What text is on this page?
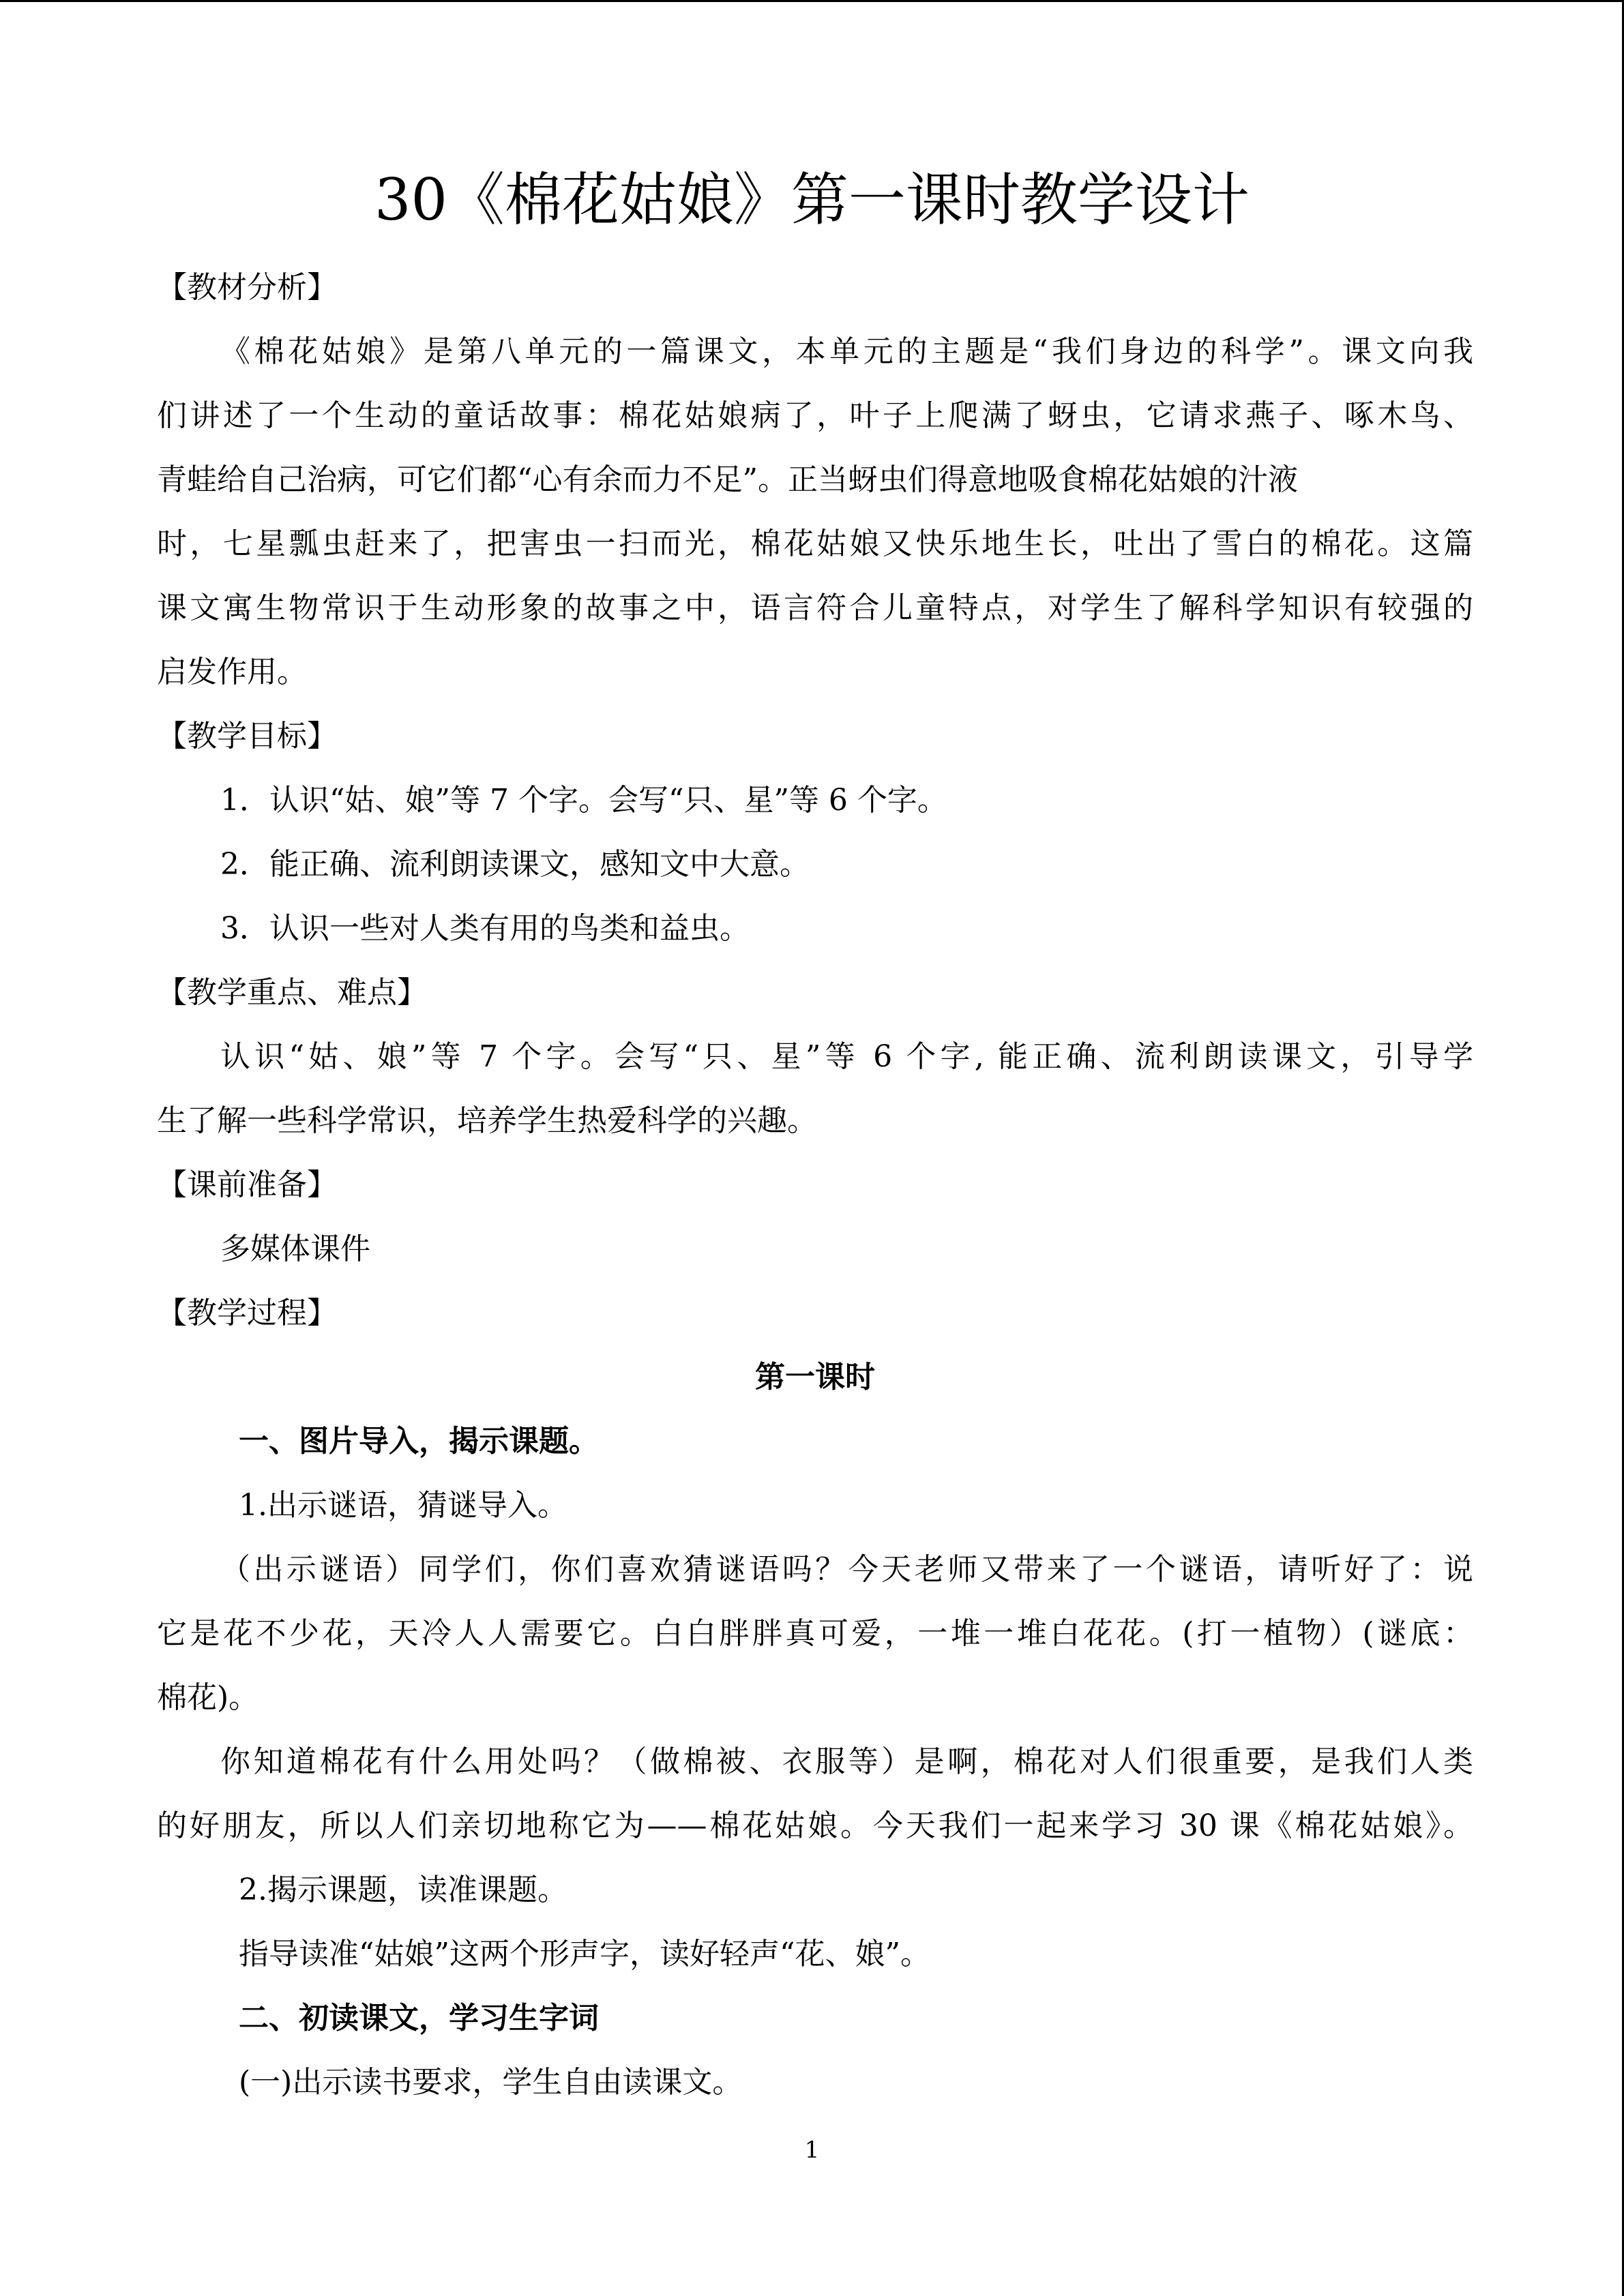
30《棉花姑娘》第一课时教学设计

【教材分析】

《棉花姑娘》是第八单元的一篇课文，本单元的主题是“我们身边的科学”。课文向我

们讲述了一个生动的童话故事：棉花姑娘病了，叶子上爬满了蚜虫，它请求燕子、啄木鸟、

青蛙给自己治病，可它们都“心有余而力不足”。正当蚜虫们得意地吸食棉花姑娘的汁液

时，七星瓢虫赶来了，把害虫一扫而光，棉花姑娘又快乐地生长，吐出了雪白的棉花。这篇

课文寓生物常识于生动形象的故事之中，语言符合儿童特点，对学生了解科学知识有较强的

启发作用。

【教学目标】

1．认识“姑、娘”等 7 个字。会写“只、星”等 6 个字。

2．能正确、流利朗读课文，感知文中大意。

3．认识一些对人类有用的鸟类和益虫。

【教学重点、难点】

认识“姑、娘”等 7 个字。会写“只、星”等 6 个字, 能正确、流利朗读课文，引导学

生了解一些科学常识，培养学生热爱科学的兴趣。

【课前准备】

多媒体课件

【教学过程】

第一课时

一、图片导入，揭示课题。

1.出示谜语，猜谜导入。

（出示谜语）同学们，你们喜欢猜谜语吗？今天老师又带来了一个谜语，请听好了：说

它是花不少花，天冷人人需要它。白白胖胖真可爱，一堆一堆白花花。(打一植物）(谜底：

棉花)。

你知道棉花有什么用处吗？（做棉被、衣服等）是啊，棉花对人们很重要，是我们人类

的好朋友，所以人们亲切地称它为——棉花姑娘。今天我们一起来学习 30 课《棉花姑娘》。

2.揭示课题，读准课题。

指导读准“姑娘”这两个形声字，读好轻声“花、娘”。

二、初读课文，学习生字词

(一)出示读书要求，学生自由读课文。

1
